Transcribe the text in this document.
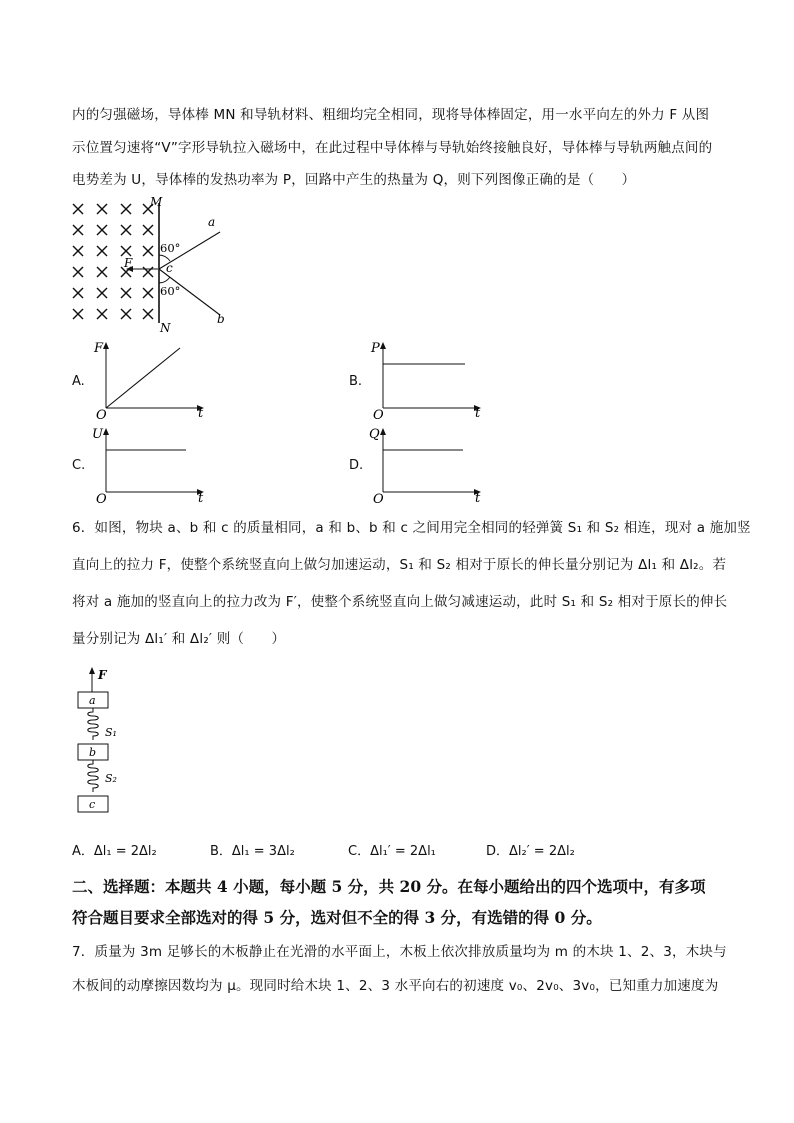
内的匀强磁场，导体棒 MN 和导轨材料、粗细均完全相同，现将导体棒固定，用一水平向左的外力 F 从图
示位置匀速将“V”字形导轨拉入磁场中，在此过程中导体棒与导轨始终接触良好，导体棒与导轨两触点间的
电势差为 U，导体棒的发热功率为 P，回路中产生的热量为 Q，则下列图像正确的是（　　）
M
N
a
b
c
F
60°
60°
A.
F
t
O
B.
P
t
O
C.
U
t
O
D.
Q
t
O
6．如图，物块 a、b 和 c 的质量相同，a 和 b、b 和 c 之间用完全相同的轻弹簧 S₁ 和 S₂ 相连，现对 a 施加竖
直向上的拉力 F，使整个系统竖直向上做匀加速运动，S₁ 和 S₂ 相对于原长的伸长量分别记为 Δl₁ 和 Δl₂。若
将对 a 施加的竖直向上的拉力改为 F′，使整个系统竖直向上做匀减速运动，此时 S₁ 和 S₂ 相对于原长的伸长
量分别记为 Δl₁′ 和 Δl₂′ 则（　　）
F
a
S₁
b
S₂
c
A．Δl₁ = 2Δl₂	B．Δl₁ = 3Δl₂	C．Δl₁′ = 2Δl₁	D．Δl₂′ = 2Δl₂
二、选择题：本题共 4 小题，每小题 5 分，共 20 分。在每小题给出的四个选项中，有多项
符合题目要求全部选对的得 5 分，选对但不全的得 3 分，有选错的得 0 分。
7．质量为 3m 足够长的木板静止在光滑的水平面上，木板上依次排放质量均为 m 的木块 1、2、3，木块与
木板间的动摩擦因数均为 μ。现同时给木块 1、2、3 水平向右的初速度 v₀、2v₀、3v₀，已知重力加速度为
